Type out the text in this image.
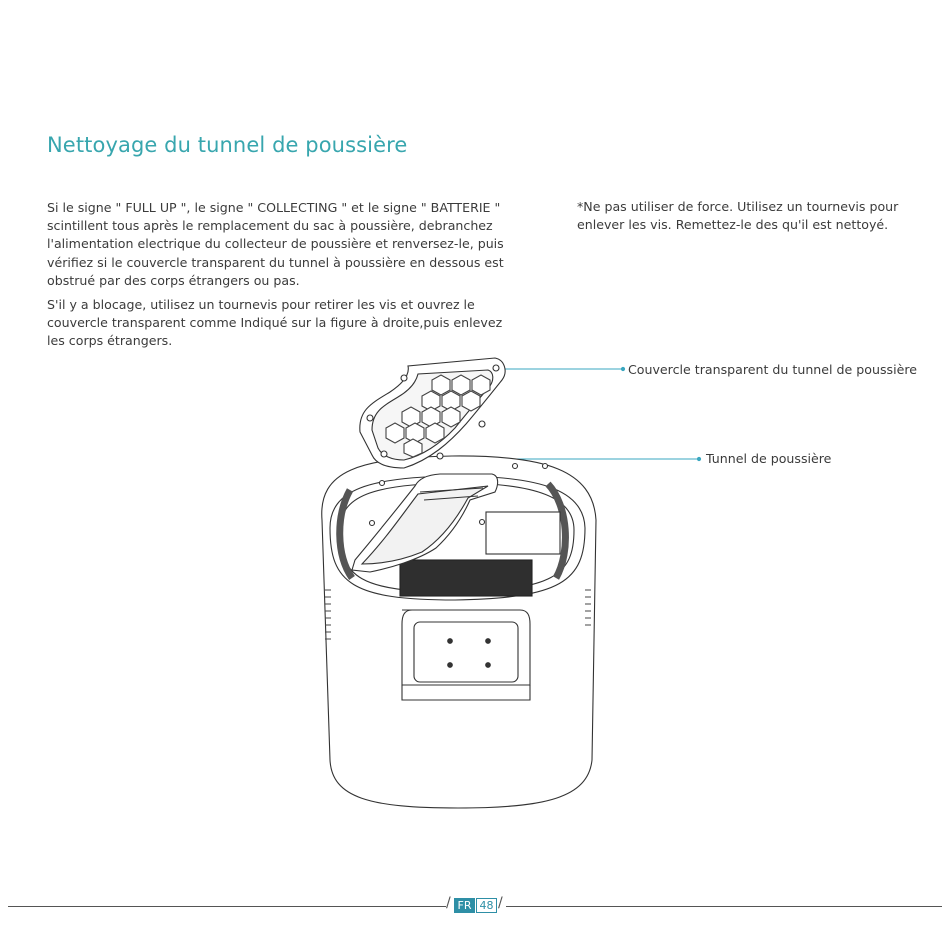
Nettoyage du tunnel de poussière

Si le signe " FULL UP ", le signe " COLLECTING " et le signe " BATTERIE " scintillent tous après le remplacement du sac à poussière, debranchez l'alimentation electrique du collecteur de poussière et renversez-le, puis vérifiez si le couvercle transparent du tunnel à poussière en dessous est obstrué par des corps étrangers ou pas.

S'il y a blocage, utilisez un tournevis pour retirer les vis et ouvrez le couvercle transparent comme Indiqué sur la figure à droite,puis enlevez les corps étrangers.

*Ne pas utiliser de force. Utilisez un tournevis pour enlever les vis. Remettez-le des qu'il est nettoyé.

Couvercle transparent du tunnel de poussière
Tunnel de poussière
/	/
FR 48
